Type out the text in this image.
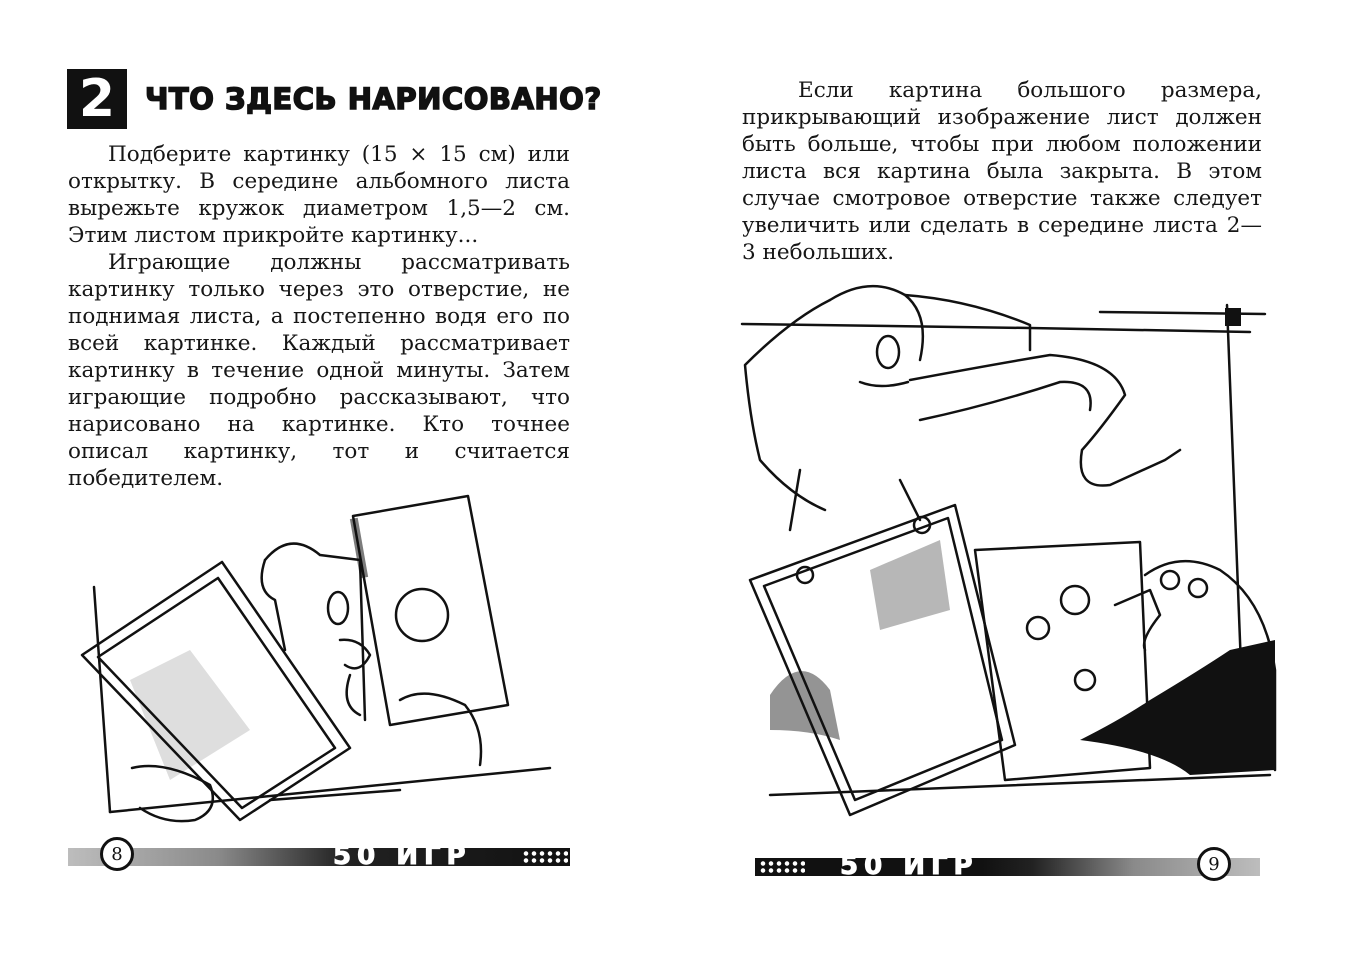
2	ЧТО ЗДЕСЬ НАРИСОВАНО?

Подберите картинку (15 × 15 см) или открытку. В середине альбомного листа вырежьте кружок диаметром 1,5—2 см. Этим листом прикройте картинку...

Играющие должны рассматривать картинку только через это отверстие, не поднимая листа, а постепенно водя его по всей картинке. Каждый рассматривает картинку в течение одной минуты. Затем играющие подробно рассказывают, что нарисовано на картинке. Кто точнее описал картинку, тот и считается победителем.

50 ИГР
8

Если картина большого размера, прикрывающий изображение лист должен быть больше, чтобы при любом положении листа вся картина была закрыта. В этом случае смотровое отверстие также следует увеличить или сделать в середине листа 2—3 небольших.

50 ИГР	9
